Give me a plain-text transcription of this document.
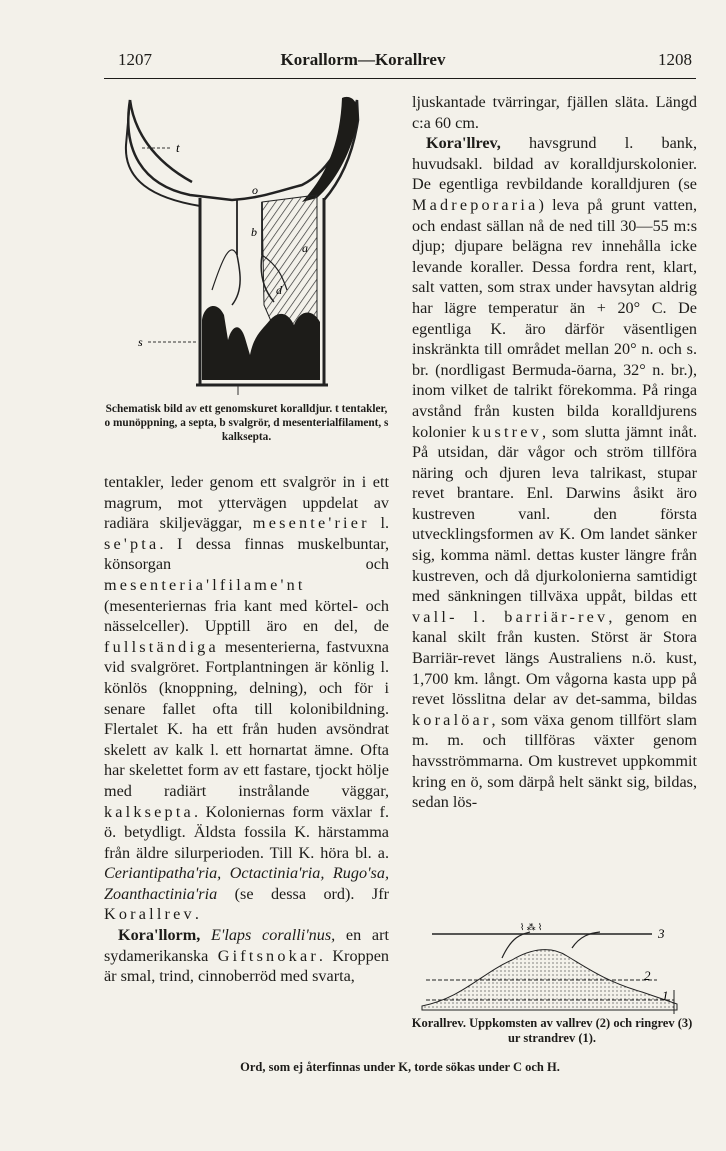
1207	Korallorm—Korallrev	1208
t
o
b
d
a
s
Schematisk bild av ett genomskuret koralldjur. t tentakler, o munöppning, a septa, b svalgrör, d mesenterialfilament, s kalksepta.

tentakler, leder genom ett svalgrör in i ett magrum, mot yttervägen uppdelat av radiära skiljeväggar, mesente'rier l. se'pta. I dessa finnas muskelbuntar, könsorgan och mesenteria'lfilame'nt (mesenteriernas fria kant med körtel- och nässelceller). Upptill äro en del, de fullständiga mesenterierna, fastvuxna vid svalgröret. Fortplantningen är könlig l. könlös (knoppning, delning), och för i senare fallet ofta till kolonibildning. Flertalet K. ha ett från huden avsöndrat skelett av kalk l. ett hornartat ämne. Ofta har skelettet form av ett fastare, tjockt hölje med radiärt instrålande väggar, kalksepta. Koloniernas form växlar f. ö. betydligt. Äldsta fossila K. härstamma från äldre silurperioden. Till K. höra bl. a. Ceriantipatha'ria, Octactinia'ria, Rugo'sa, Zoanthactinia'ria (se dessa ord). Jfr Korallrev.

Kora'llorm, E'laps coralli'nus, en art sydamerikanska Giftsnokar. Kroppen är smal, trind, cinnoberröd med svarta,

ljuskantade tvärringar, fjällen släta. Längd c:a 60 cm.

Kora'llrev, havsgrund l. bank, huvudsakl. bildad av koralldjurskolonier. De egentliga revbildande koralldjuren (se Madreporaria) leva på grunt vatten, och endast sällan nå de ned till 30—55 m:s djup; djupare belägna rev innehålla icke levande koraller. Dessa fordra rent, klart, salt vatten, som strax under havsytan aldrig har lägre temperatur än + 20° C. De egentliga K. äro därför väsentligen inskränkta till området mellan 20° n. och s. br. (nordligast Bermuda-öarna, 32° n. br.), inom vilket de talrikt förekomma. På ringa avstånd från kusten bilda koralldjurens kolonier kustrev, som slutta jämnt inåt. På utsidan, där vågor och ström tillföra näring och djuren leva talrikast, stupar revet brantare. Enl. Darwins åsikt äro kustreven vanl. den första utvecklingsformen av K. Om landet sänker sig, komma näml. dettas kuster längre från kustreven, och då djurkolonierna samtidigt med sänkningen tillväxa uppåt, bildas ett vall- l. barriär-rev, genom en kanal skilt från kusten. Störst är Stora Barriär-revet längs Australiens n.ö. kust, 1,700 km. långt. Om vågorna kasta upp på revet lösslitna delar av det-samma, bildas koralöar, som växa genom tillfört slam m. m. och tillföras växter genom havsströmmarna. Om kustrevet uppkommit kring en ö, som därpå helt sänkt sig, bildas, sedan lös-

⌇ ⁂ ⌇	3
2
1
Korallrev. Uppkomsten av vallrev (2) och ringrev (3) ur strandrev (1).
Ord, som ej återfinnas under K, torde sökas under C och H.
